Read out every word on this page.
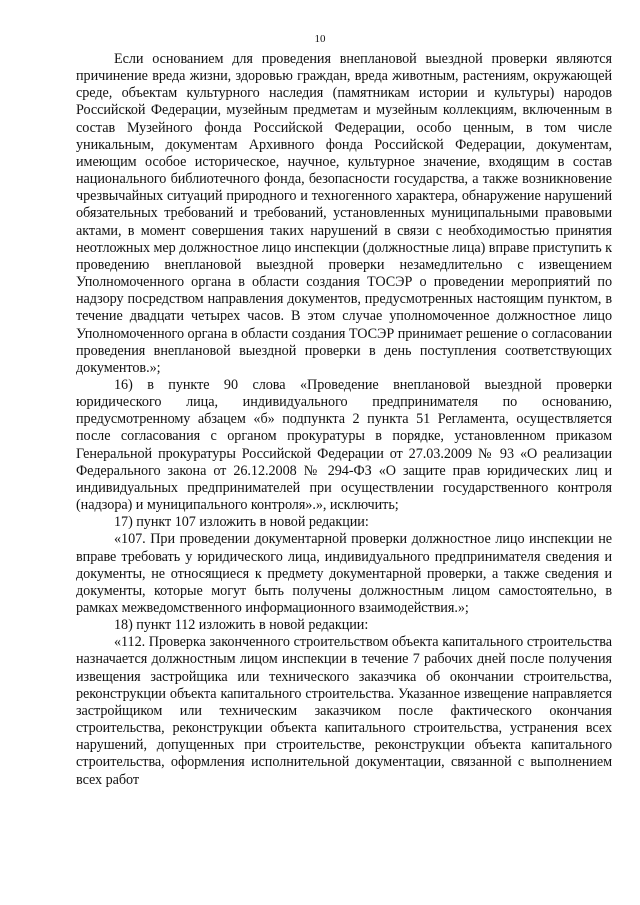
10

Если основанием для проведения внеплановой выездной проверки являются причинение вреда жизни, здоровью граждан, вреда животным, растениям, окружающей среде, объектам культурного наследия (памятникам истории и культуры) народов Российской Федерации, музейным предметам и музейным коллекциям, включенным в состав Музейного фонда Российской Федерации, особо ценным, в том числе уникальным, документам Архивного фонда Российской Федерации, документам, имеющим особое историческое, научное, культурное значение, входящим в состав национального библиотечного фонда, безопасности государства, а также возникновение чрезвычайных ситуаций природного и техногенного характера, обнаружение нарушений обязательных требований и требований, установленных муниципальными правовыми актами, в момент совершения таких нарушений в связи с необходимостью принятия неотложных мер должностное лицо инспекции (должностные лица) вправе приступить к проведению внеплановой выездной проверки незамедлительно с извещением Уполномоченного органа в области создания ТОСЭР о проведении мероприятий по надзору посредством направления документов, предусмотренных настоящим пунктом, в течение двадцати четырех часов. В этом случае уполномоченное должностное лицо Уполномоченного органа в области создания ТОСЭР принимает решение о согласовании проведения внеплановой выездной проверки в день поступления соответствующих документов.»;

16) в пункте 90 слова «Проведение внеплановой выездной проверки юридического лица, индивидуального предпринимателя по основанию, предусмотренному абзацем «б» подпункта 2 пункта 51 Регламента, осуществляется после согласования с органом прокуратуры в порядке, установленном приказом Генеральной прокуратуры Российской Федерации от 27.03.2009 № 93 «О реализации Федерального закона от 26.12.2008 № 294-ФЗ «О защите прав юридических лиц и индивидуальных предпринимателей при осуществлении государственного контроля (надзора) и муниципального контроля».», исключить;

17) пункт 107 изложить в новой редакции:

«107. При проведении документарной проверки должностное лицо инспекции не вправе требовать у юридического лица, индивидуального предпринимателя сведения и документы, не относящиеся к предмету документарной проверки, а также сведения и документы, которые могут быть получены должностным лицом самостоятельно, в рамках межведомственного информационного взаимодействия.»;

18) пункт 112 изложить в новой редакции:

«112. Проверка законченного строительством объекта капитального строительства назначается должностным лицом инспекции в течение 7 рабочих дней после получения извещения застройщика или технического заказчика об окончании строительства, реконструкции объекта капитального строительства. Указанное извещение направляется застройщиком или техническим заказчиком после фактического окончания строительства, реконструкции объекта капитального строительства, устранения всех нарушений, допущенных при строительстве, реконструкции объекта капитального строительства, оформления исполнительной документации, связанной с выполнением всех работ
